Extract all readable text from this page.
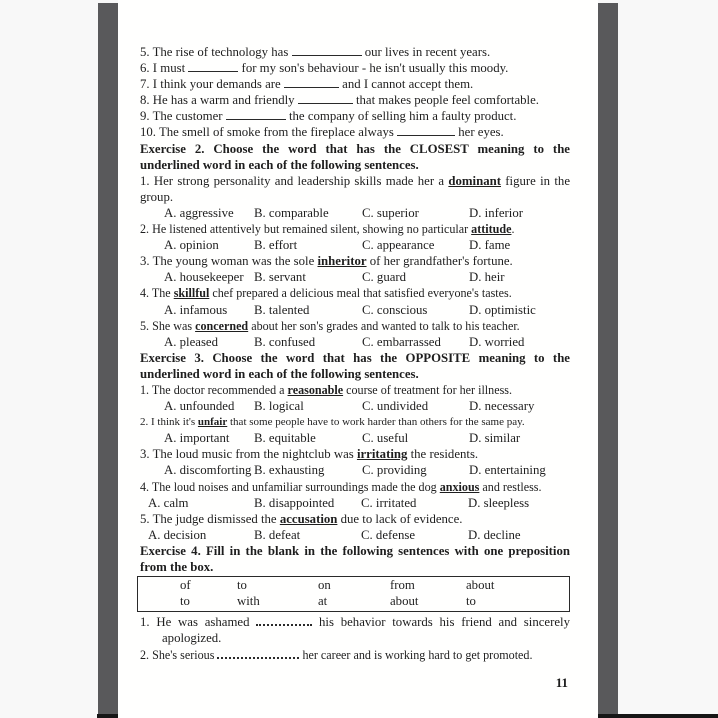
5. The rise of technology has	our lives in recent years.
6. I must	for my son's behaviour - he isn't usually this moody.
7. I think your demands are	and I cannot accept them.
8. He has a warm and friendly	that makes people feel comfortable.
9. The customer	the company of selling him a faulty product.
10. The smell of smoke from the fireplace always	her eyes.
Exercise 2. Choose the word that has the CLOSEST meaning to the underlined word in each of the following sentences.
1. Her strong personality and leadership skills made her a dominant figure in the group.
A. aggressive	B. comparable	C. superior	D. inferior
2. He listened attentively but remained silent, showing no particular attitude.
A. opinion	B. effort	C. appearance	D. fame
3. The young woman was the sole inheritor of her grandfather's fortune.
A. housekeeper B. servant	C. guard	D. heir
4. The skillful chef prepared a delicious meal that satisfied everyone's tastes.
A. infamous	B. talented	C. conscious	D. optimistic
5. She was concerned about her son's grades and wanted to talk to his teacher.
A. pleased	B. confused	C. embarrassed	D. worried
Exercise 3. Choose the word that has the OPPOSITE meaning to the underlined word in each of the following sentences.
1. The doctor recommended a reasonable course of treatment for her illness.
A. unfounded	B. logical	C. undivided	D. necessary
2. I think it's unfair that some people have to work harder than others for the same pay.
A. important	B. equitable	C. useful	D. similar
3. The loud music from the nightclub was irritating the residents.
A. discomforting B. exhausting	C. providing	D. entertaining
4. The loud noises and unfamiliar surroundings made the dog anxious and restless.
A. calm	B. disappointed	C. irritated	D. sleepless
5. The judge dismissed the accusation due to lack of evidence.
A. decision	B. defeat	C. defense	D. decline
Exercise 4. Fill in the blank in the following sentences with one preposition from the box.
of	to	on	from	about
to	with	at	about	to
1. He was ashamed	his behavior towards his friend and sincerely apologized.
2. She's serious	her career and is working hard to get promoted.
11
